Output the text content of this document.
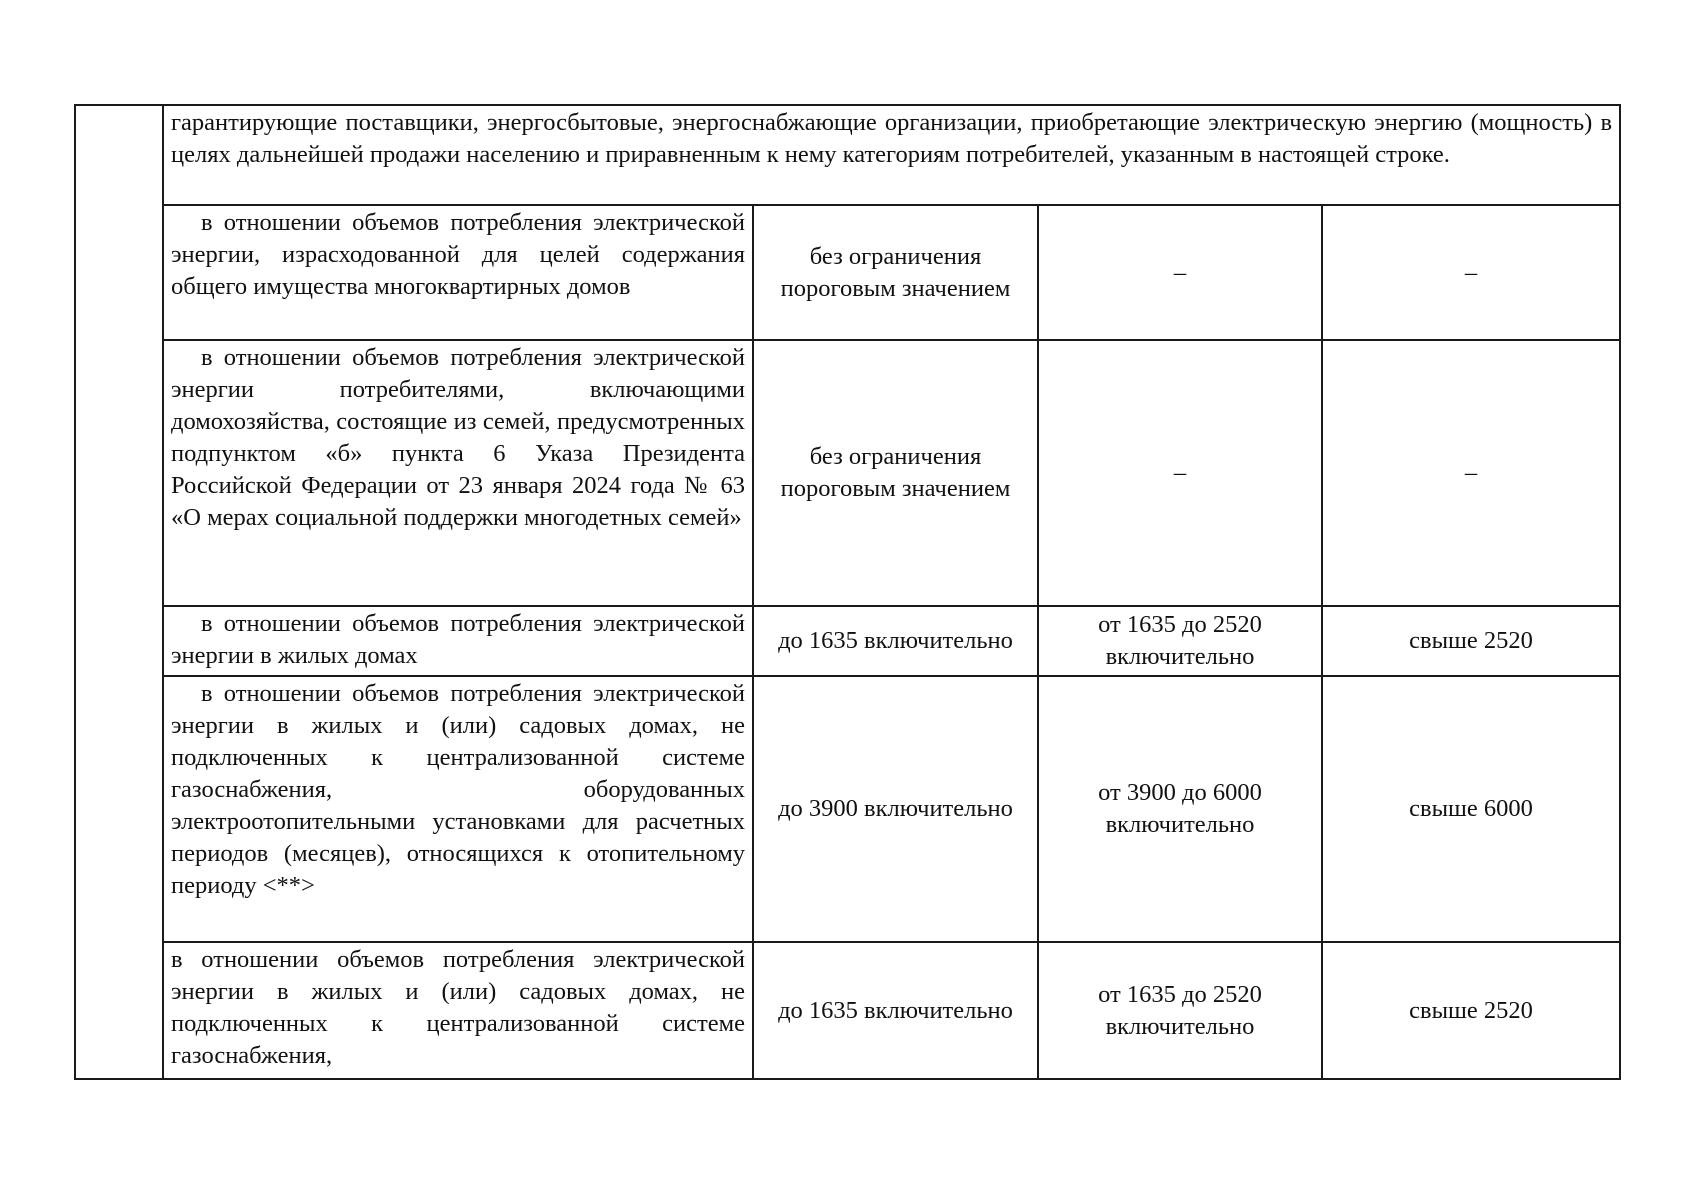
	гарантирующие поставщики, энергосбытовые, энергоснабжающие организации, приобретающие электрическую энергию (мощность) в целях дальнейшей продажи населению и приравненным к нему категориям потребителей, указанным в настоящей строке.			
	в отношении объемов потребления электрической энергии, израсходованной для целей содержания общего имущества многоквартирных домов	без ограничения пороговым значением	–	–
	в отношении объемов потребления электрической энергии потребителями, включающими домохозяйства, состоящие из семей, предусмотренных подпунктом «б» пункта 6 Указа Президента Российской Федерации от 23 января 2024 года № 63 «О мерах социальной поддержки многодетных семей»	без ограничения пороговым значением	–	–
	в отношении объемов потребления электрической энергии в жилых домах	до 1635 включительно	от 1635 до 2520 включительно	свыше 2520
	в отношении объемов потребления электрической энергии в жилых и (или) садовых домах, не подключенных к централизованной системе газоснабжения, оборудованных электроотопительными установками для расчетных периодов (месяцев), относящихся к отопительному периоду <**>	до 3900 включительно	от 3900 до 6000 включительно	свыше 6000
	в отношении объемов потребления электрической энергии в жилых и (или) садовых домах, не подключенных к централизованной системе газоснабжения,	до 1635 включительно	от 1635 до 2520 включительно	свыше 2520
